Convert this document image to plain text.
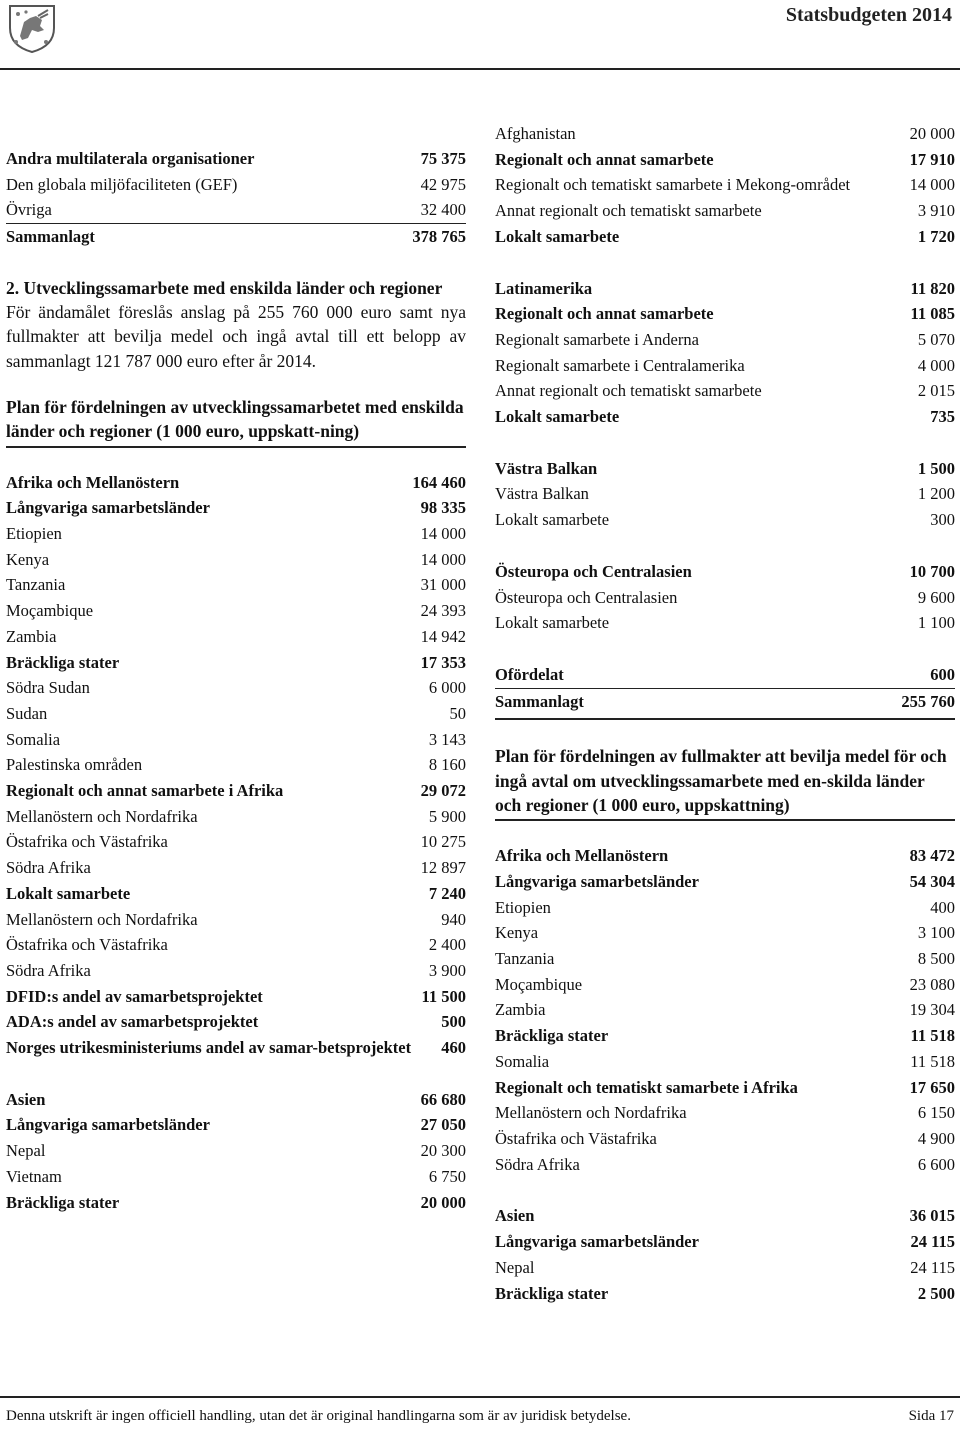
Statsbudgeten 2014
Andra multilaterala organisationer	75 375
Den globala miljöfaciliteten (GEF)	42 975
Övriga	32 400
Sammanlagt	378 765
2. Utvecklingssamarbete med enskilda länder och regioner

För ändamålet föreslås anslag på 255 760 000 euro samt nya fullmakter att bevilja medel och ingå avtal till ett belopp av sammanlagt 121 787 000 euro efter år 2014.

Plan för fördelningen av utvecklingssamarbetet med enskilda länder och regioner (1 000 euro, uppskatt-ning)
Afrika och Mellanöstern	164 460
Långvariga samarbetsländer	98 335
Etiopien	14 000
Kenya	14 000
Tanzania	31 000
Moçambique	24 393
Zambia	14 942
Bräckliga stater	17 353
Södra Sudan	6 000
Sudan	50
Somalia	3 143
Palestinska områden	8 160
Regionalt och annat samarbete i Afrika	29 072
Mellanöstern och Nordafrika	5 900
Östafrika och Västafrika	10 275
Södra Afrika	12 897
Lokalt samarbete	7 240
Mellanöstern och Nordafrika	940
Östafrika och Västafrika	2 400
Södra Afrika	3 900
DFID:s andel av samarbetsprojektet	11 500
ADA:s andel av samarbetsprojektet	500
Norges utrikesministeriums andel av samar-betsprojektet	460
Asien	66 680
Långvariga samarbetsländer	27 050
Nepal	20 300
Vietnam	6 750
Bräckliga stater	20 000
Afghanistan	20 000
Regionalt och annat samarbete	17 910
Regionalt och tematiskt samarbete i Mekong-området	14 000
Annat regionalt och tematiskt samarbete	3 910
Lokalt samarbete	1 720
Latinamerika	11 820
Regionalt och annat samarbete	11 085
Regionalt samarbete i Anderna	5 070
Regionalt samarbete i Centralamerika	4 000
Annat regionalt och tematiskt samarbete	2 015
Lokalt samarbete	735
Västra Balkan	1 500
Västra Balkan	1 200
Lokalt samarbete	300
Östeuropa och Centralasien	10 700
Östeuropa och Centralasien	9 600
Lokalt samarbete	1 100
Ofördelat	600
Sammanlagt	255 760
Plan för fördelningen av fullmakter att bevilja medel för och ingå avtal om utvecklingssamarbete med en-skilda länder och regioner (1 000 euro, uppskattning)
Afrika och Mellanöstern	83 472
Långvariga samarbetsländer	54 304
Etiopien	400
Kenya	3 100
Tanzania	8 500
Moçambique	23 080
Zambia	19 304
Bräckliga stater	11 518
Somalia	11 518
Regionalt och tematiskt samarbete i Afrika	17 650
Mellanöstern och Nordafrika	6 150
Östafrika och Västafrika	4 900
Södra Afrika	6 600
Asien	36 015
Långvariga samarbetsländer	24 115
Nepal	24 115
Bräckliga stater	2 500
Denna utskrift är ingen officiell handling, utan det är original handlingarna som är av juridisk betydelse.	Sida 17
